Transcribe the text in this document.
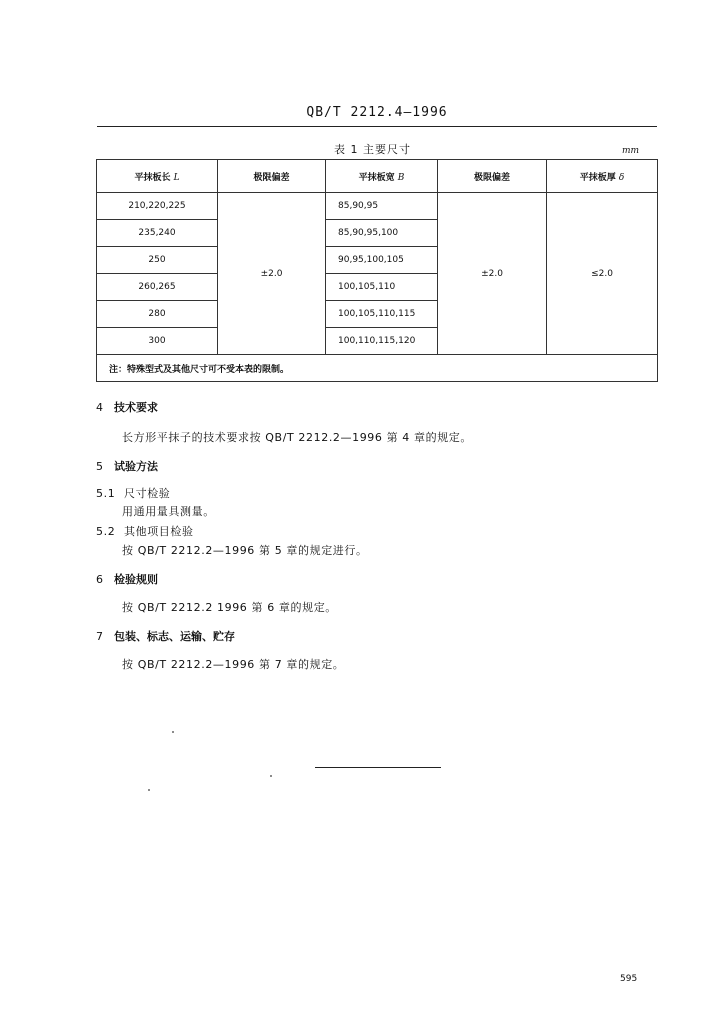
QB/T 2212.4—1996
表 1 主要尺寸	mm
平抹板长 L	极限偏差	平抹板宽 B	极限偏差	平抹板厚 δ
210,220,225	±2.0	85,90,95	±2.0	≤2.0
235,240		85,90,95,100		
250		90,95,100,105		
260,265		100,105,110		
280		100,105,110,115		
300		100,110,115,120		
注：特殊型式及其他尺寸可不受本表的限制。				
4 技术要求
长方形平抹子的技术要求按 QB/T 2212.2—1996 第 4 章的规定。
5 试验方法
5.1 尺寸检验
用通用量具测量。
5.2 其他项目检验
按 QB/T 2212.2—1996 第 5 章的规定进行。
6 检验规则
按 QB/T 2212.2 1996 第 6 章的规定。
7 包装、标志、运输、贮存
按 QB/T 2212.2—1996 第 7 章的规定。
595
